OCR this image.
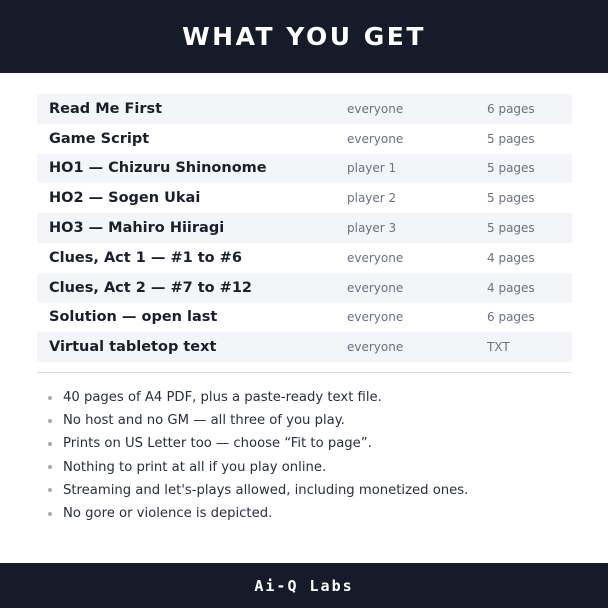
WHAT YOU GET
Read Me First	everyone	6 pages
Game Script	everyone	5 pages
HO1 — Chizuru Shinonome	player 1	5 pages
HO2 — Sogen Ukai	player 2	5 pages
HO3 — Mahiro Hiiragi	player 3	5 pages
Clues, Act 1 — #1 to #6	everyone	4 pages
Clues, Act 2 — #7 to #12	everyone	4 pages
Solution — open last	everyone	6 pages
Virtual tabletop text	everyone	TXT
40 pages of A4 PDF, plus a paste-ready text file.
No host and no GM — all three of you play.
Prints on US Letter too — choose “Fit to page”.
Nothing to print at all if you play online.
Streaming and let's-plays allowed, including monetized ones.
No gore or violence is depicted.
Ai-Q Labs
